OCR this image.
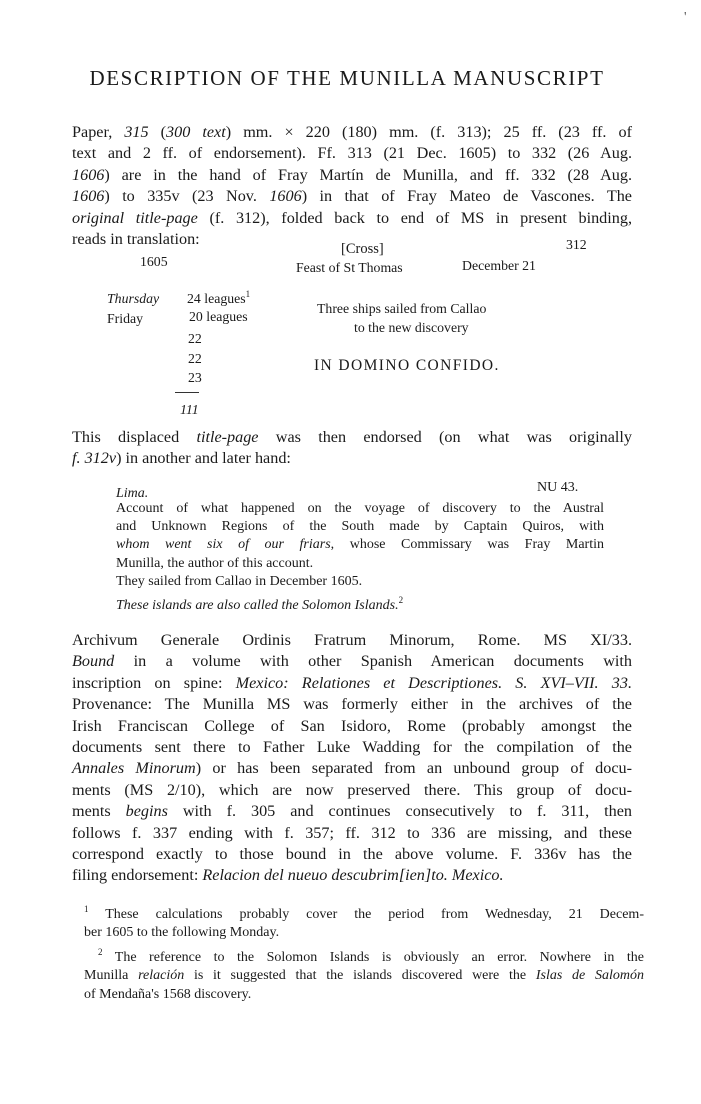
'
DESCRIPTION OF THE MUNILLA MANUSCRIPT
Paper, 315 (300 text) mm. × 220 (180) mm. (f. 313); 25 ff. (23 ff. of
text and 2 ff. of endorsement). Ff. 313 (21 Dec. 1605) to 332 (26 Aug.
1606) are in the hand of Fray Martín de Munilla, and ff. 332 (28 Aug.
1606) to 335v (23 Nov. 1606) in that of Fray Mateo de Vascones. The
original title-page (f. 312), folded back to end of MS in present binding,
reads in translation:
1605
[Cross]	312
Feast of St Thomas	December 21
Thursday 24 leagues$^1$
Friday	20 leagues
22
22
23
111
Three ships sailed from Callao
to the new discovery
IN DOMINO CONFIDO.
This displaced title-page was then endorsed (on what was originally
f. 312v) in another and later hand:
Lima.	NU 43.
Account of what happened on the voyage of discovery to the Austral
and Unknown Regions of the South made by Captain Quiros, with
whom went six of our friars, whose Commissary was Fray Martin
Munilla, the author of this account.
They sailed from Callao in December 1605.
These islands are also called the Solomon Islands.$^2$
Archivum Generale Ordinis Fratrum Minorum, Rome. MS XI/33.
Bound in a volume with other Spanish American documents with
inscription on spine: Mexico: Relationes et Descriptiones. S. XVI–VII. 33.
Provenance: The Munilla MS was formerly either in the archives of the
Irish Franciscan College of San Isidoro, Rome (probably amongst the
documents sent there to Father Luke Wadding for the compilation of the
Annales Minorum) or has been separated from an unbound group of docu-
ments (MS 2/10), which are now preserved there. This group of docu-
ments begins with f. 305 and continues consecutively to f. 311, then
follows f. 337 ending with f. 357; ff. 312 to 336 are missing, and these
correspond exactly to those bound in the above volume. F. 336v has the
filing endorsement: Relacion del nueuo descubrim[ien]to. Mexico.
$^1$ These calculations probably cover the period from Wednesday, 21 Decem-
ber 1605 to the following Monday.
$^2$ The reference to the Solomon Islands is obviously an error. Nowhere in the
Munilla relación is it suggested that the islands discovered were the Islas de Salomón
of Mendaña's 1568 discovery.
